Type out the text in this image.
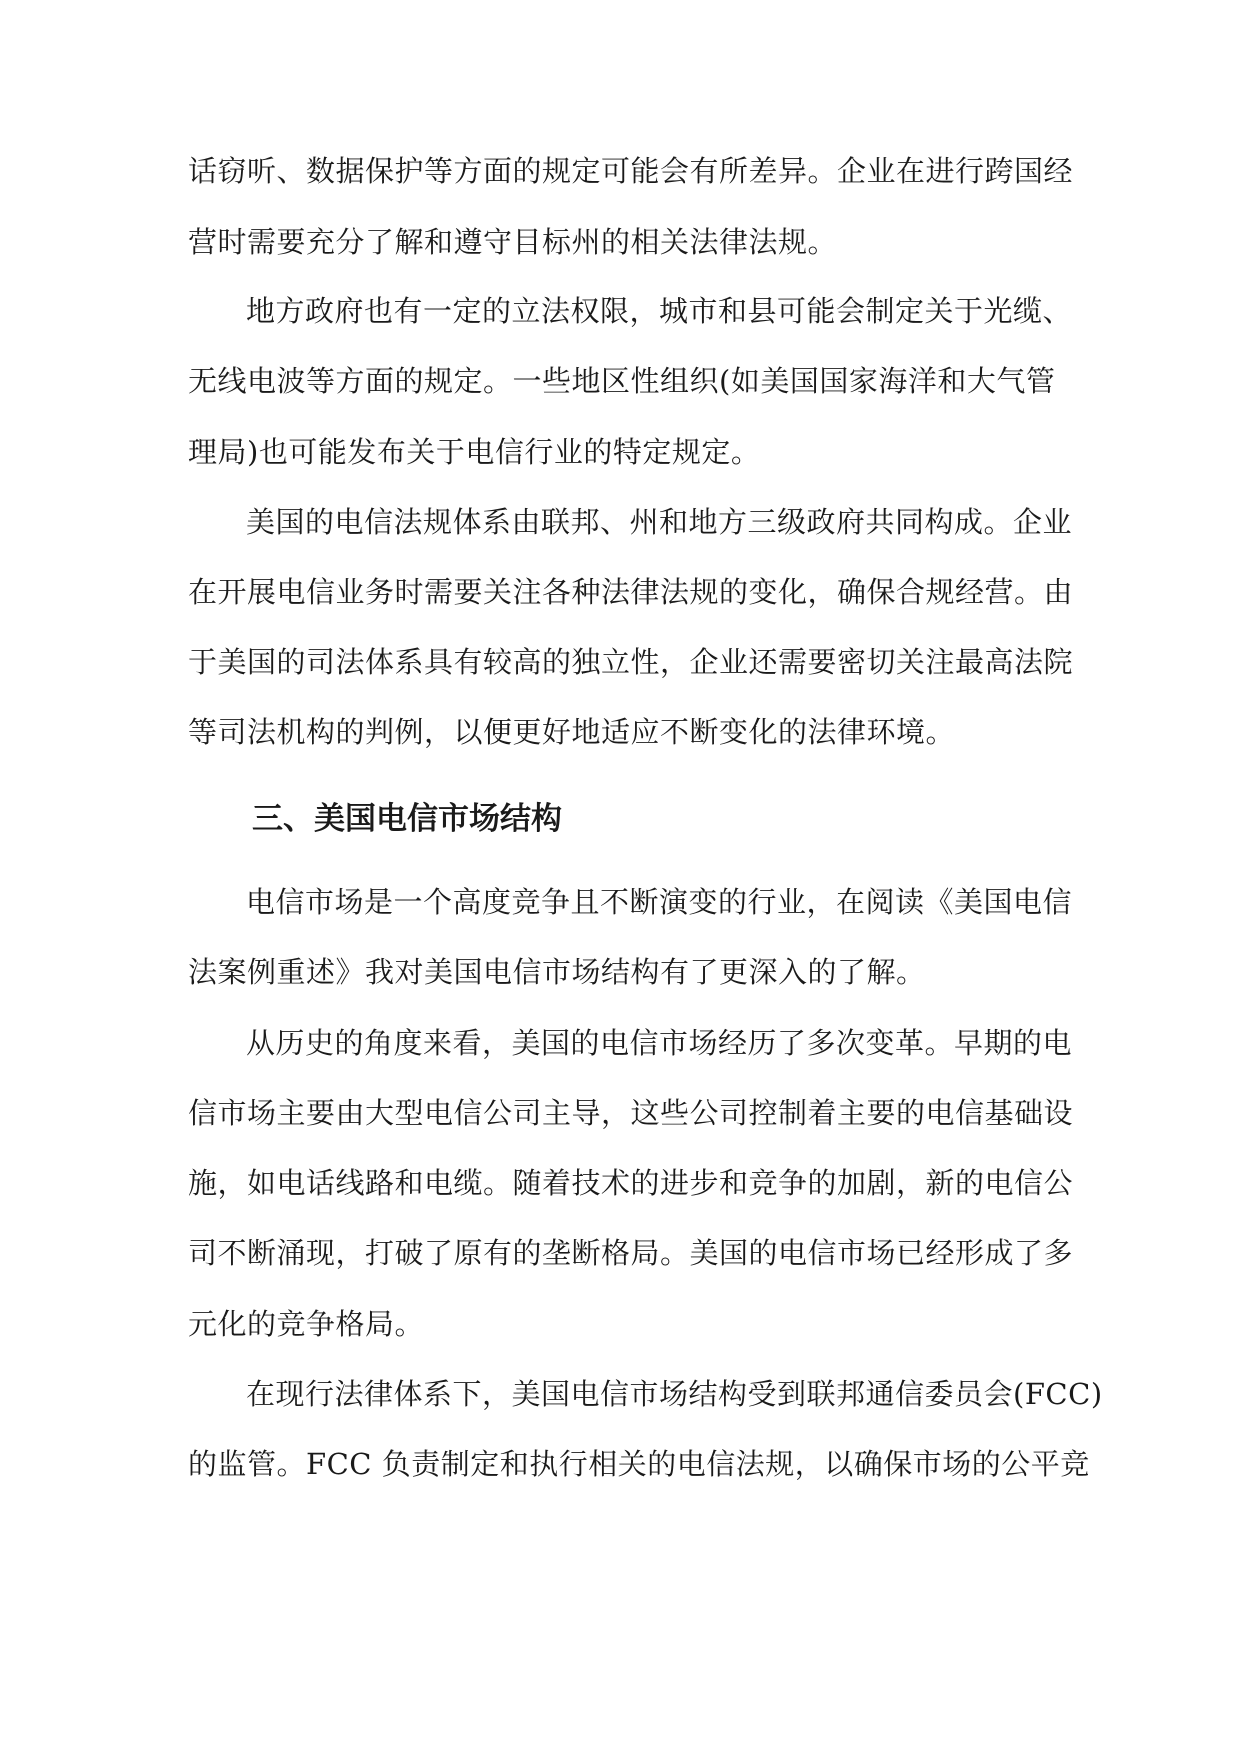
话窃听、数据保护等方面的规定可能会有所差异。企业在进行跨国经
营时需要充分了解和遵守目标州的相关法律法规。
地方政府也有一定的立法权限，城市和县可能会制定关于光缆、
无线电波等方面的规定。一些地区性组织(如美国国家海洋和大气管
理局)也可能发布关于电信行业的特定规定。
美国的电信法规体系由联邦、州和地方三级政府共同构成。企业
在开展电信业务时需要关注各种法律法规的变化，确保合规经营。由
于美国的司法体系具有较高的独立性，企业还需要密切关注最高法院
等司法机构的判例，以便更好地适应不断变化的法律环境。
三、美国电信市场结构
电信市场是一个高度竞争且不断演变的行业，在阅读《美国电信
法案例重述》我对美国电信市场结构有了更深入的了解。
从历史的角度来看，美国的电信市场经历了多次变革。早期的电
信市场主要由大型电信公司主导，这些公司控制着主要的电信基础设
施，如电话线路和电缆。随着技术的进步和竞争的加剧，新的电信公
司不断涌现，打破了原有的垄断格局。美国的电信市场已经形成了多
元化的竞争格局。
在现行法律体系下，美国电信市场结构受到联邦通信委员会(FCC)
的监管。FCC 负责制定和执行相关的电信法规，以确保市场的公平竞
